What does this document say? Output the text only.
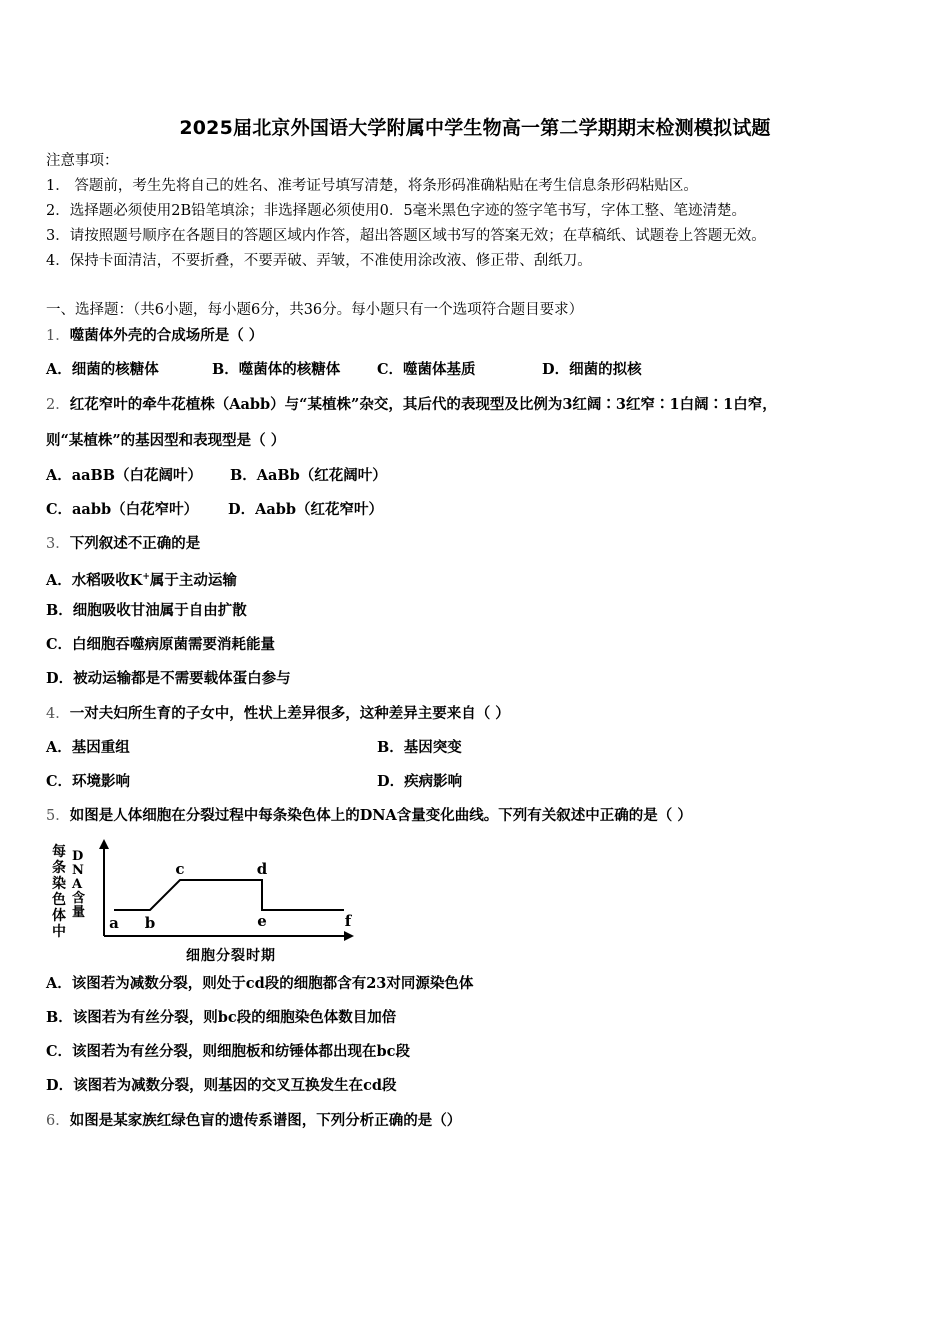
2025届北京外国语大学附属中学生物高一第二学期期末检测模拟试题
注意事项：
1． 答题前，考生先将自己的姓名、准考证号填写清楚，将条形码准确粘贴在考生信息条形码粘贴区。
2．选择题必须使用2B铅笔填涂；非选择题必须使用0．5毫米黑色字迹的签字笔书写，字体工整、笔迹清楚。
3．请按照题号顺序在各题目的答题区域内作答，超出答题区域书写的答案无效；在草稿纸、试题卷上答题无效。
4．保持卡面清洁，不要折叠，不要弄破、弄皱，不准使用涂改液、修正带、刮纸刀。
一、选择题：（共6小题，每小题6分，共36分。每小题只有一个选项符合题目要求）
1．噬菌体外壳的合成场所是（ ）
A．细菌的核糖体	B．噬菌体的核糖体	C．噬菌体基质	D．细菌的拟核
2．红花窄叶的牵牛花植株（Aabb）与“某植株”杂交，其后代的表现型及比例为3红阔∶3红窄∶1白阔∶1白窄，
则“某植株”的基因型和表现型是（ ）
A．aaBB（白花阔叶） B．AaBb（红花阔叶）
C．aabb（白花窄叶） D．Aabb（红花窄叶）
3．下列叙述不正确的是
A．水稻吸收K+属于主动运输
B．细胞吸收甘油属于自由扩散
C．白细胞吞噬病原菌需要消耗能量
D．被动运输都是不需要载体蛋白参与
4．一对夫妇所生育的子女中，性状上差异很多，这种差异主要来自（ ）
A．基因重组	B．基因突变
C．环境影响	D．疾病影响
5．如图是人体细胞在分裂过程中每条染色体上的DNA含量变化曲线。下列有关叙述中正确的是（ ）
每
条
染
色
体
中
D
N
A
含
量
a b
c	d
e	f
细胞分裂时期
A．该图若为减数分裂，则处于cd段的细胞都含有23对同源染色体
B．该图若为有丝分裂，则bc段的细胞染色体数目加倍
C．该图若为有丝分裂，则细胞板和纺锤体都出现在bc段
D．该图若为减数分裂，则基因的交叉互换发生在cd段
6．如图是某家族红绿色盲的遗传系谱图，下列分析正确的是（）
